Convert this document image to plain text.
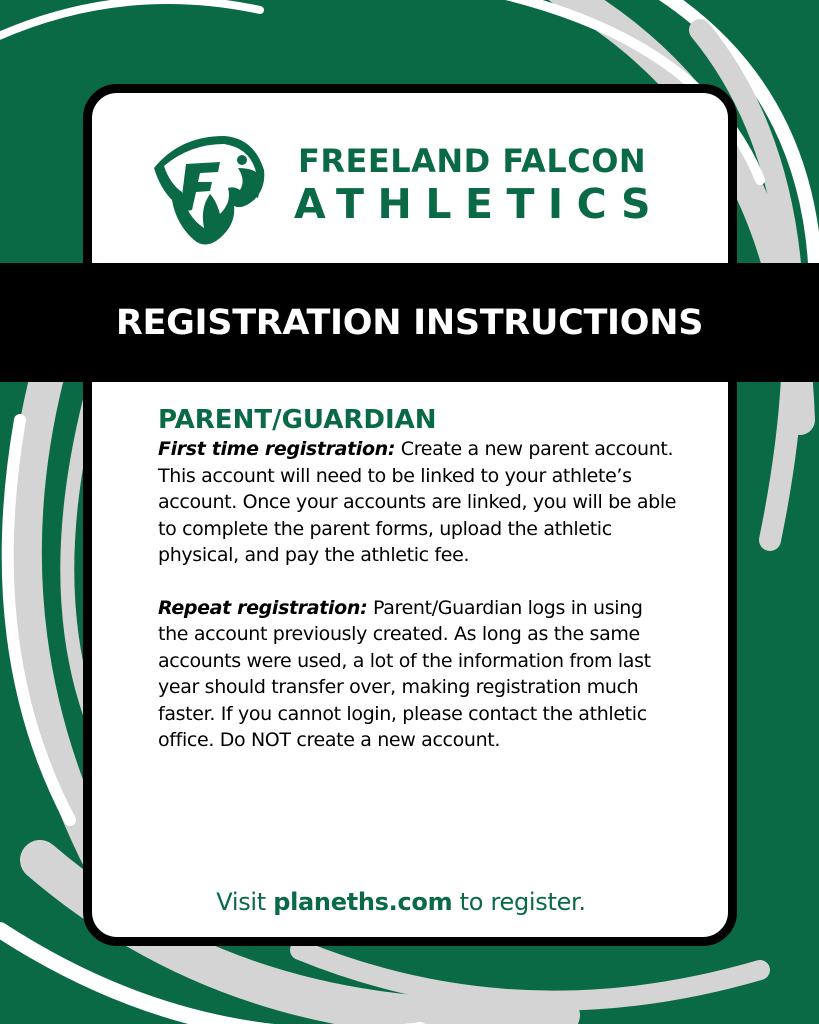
FREELAND FALCON
ATHLETICS
REGISTRATION INSTRUCTIONS
PARENT/GUARDIAN
First time registration: Create a new parent account. This account will need to be linked to your athlete’s account. Once your accounts are linked, you will be able to complete the parent forms, upload the athletic physical, and pay the athletic fee.
Repeat registration: Parent/Guardian logs in using the account previously created. As long as the same accounts were used, a lot of the information from last year should transfer over, making registration much faster. If you cannot login, please contact the athletic office. Do NOT create a new account.
Visit planeths.com to register.
